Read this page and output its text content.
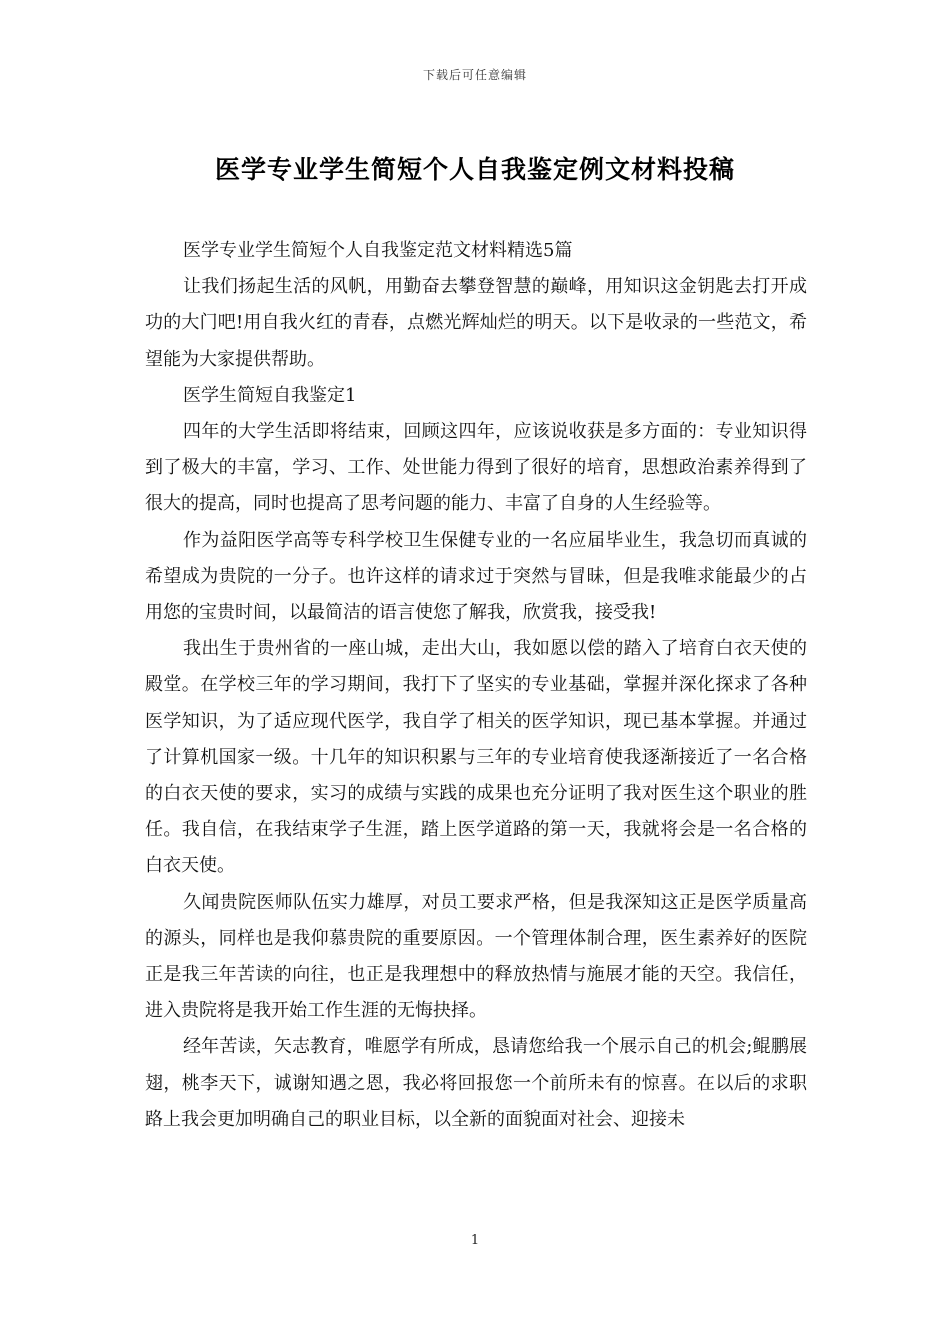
下载后可任意编辑
医学专业学生简短个人自我鉴定例文材料投稿

医学专业学生简短个人自我鉴定范文材料精选5篇

让我们扬起生活的风帆，用勤奋去攀登智慧的巅峰，用知识这金钥匙去打开成功的大门吧!用自我火红的青春，点燃光辉灿烂的明天。以下是收录的一些范文，希望能为大家提供帮助。

医学生简短自我鉴定1

四年的大学生活即将结束，回顾这四年，应该说收获是多方面的：专业知识得到了极大的丰富，学习、工作、处世能力得到了很好的培育，思想政治素养得到了很大的提高，同时也提高了思考问题的能力、丰富了自身的人生经验等。

作为益阳医学高等专科学校卫生保健专业的一名应届毕业生，我急切而真诚的希望成为贵院的一分子。也许这样的请求过于突然与冒昧，但是我唯求能最少的占用您的宝贵时间，以最简洁的语言使您了解我，欣赏我，接受我!

我出生于贵州省的一座山城，走出大山，我如愿以偿的踏入了培育白衣天使的殿堂。在学校三年的学习期间，我打下了坚实的专业基础，掌握并深化探求了各种医学知识，为了适应现代医学，我自学了相关的医学知识，现已基本掌握。并通过了计算机国家一级。十几年的知识积累与三年的专业培育使我逐渐接近了一名合格的白衣天使的要求，实习的成绩与实践的成果也充分证明了我对医生这个职业的胜任。我自信，在我结束学子生涯，踏上医学道路的第一天，我就将会是一名合格的白衣天使。

久闻贵院医师队伍实力雄厚，对员工要求严格，但是我深知这正是医学质量高的源头，同样也是我仰慕贵院的重要原因。一个管理体制合理，医生素养好的医院正是我三年苦读的向往，也正是我理想中的释放热情与施展才能的天空。我信任，进入贵院将是我开始工作生涯的无悔抉择。

经年苦读，矢志教育，唯愿学有所成，恳请您给我一个展示自己的机会;鲲鹏展翅，桃李天下，诚谢知遇之恩，我必将回报您一个前所未有的惊喜。在以后的求职路上我会更加明确自己的职业目标，以全新的面貌面对社会、迎接未

1
